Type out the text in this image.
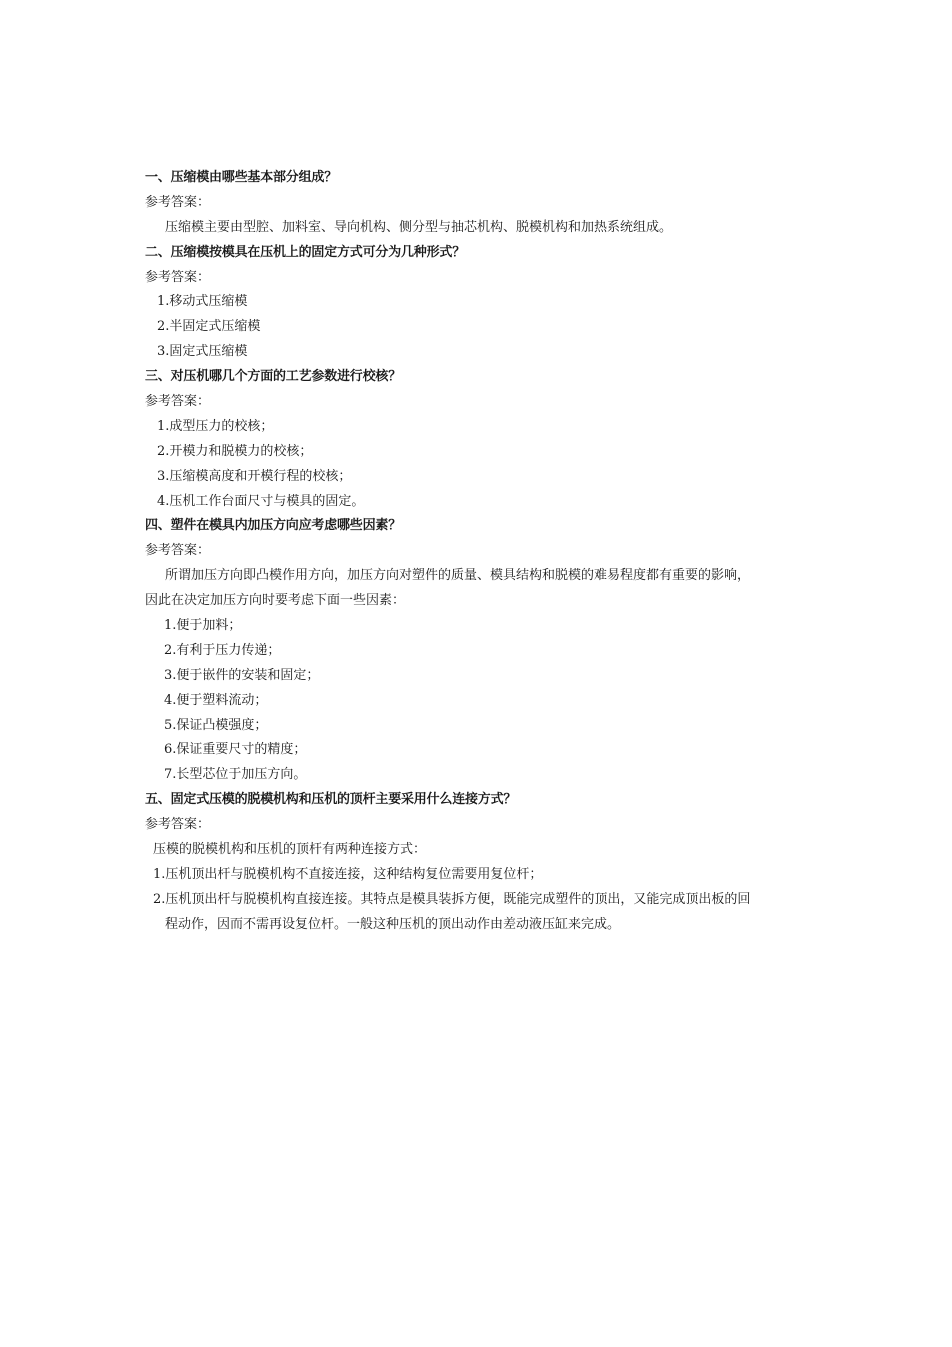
一、压缩模由哪些基本部分组成？
参考答案：
压缩模主要由型腔、加料室、导向机构、侧分型与抽芯机构、脱模机构和加热系统组成。
二、压缩模按模具在压机上的固定方式可分为几种形式？
参考答案：
1.移动式压缩模
2.半固定式压缩模
3.固定式压缩模
三、对压机哪几个方面的工艺参数进行校核？
参考答案：
1.成型压力的校核；
2.开模力和脱模力的校核；
3.压缩模高度和开模行程的校核；
4.压机工作台面尺寸与模具的固定。
四、塑件在模具内加压方向应考虑哪些因素？
参考答案：
所谓加压方向即凸模作用方向，加压方向对塑件的质量、模具结构和脱模的难易程度都有重要的影响，
因此在决定加压方向时要考虑下面一些因素：
1.便于加料；
2.有利于压力传递；
3.便于嵌件的安装和固定；
4.便于塑料流动；
5.保证凸模强度；
6.保证重要尺寸的精度；
7.长型芯位于加压方向。
五、固定式压模的脱模机构和压机的顶杆主要采用什么连接方式？
参考答案：
压模的脱模机构和压机的顶杆有两种连接方式：
1.压机顶出杆与脱模机构不直接连接，这种结构复位需要用复位杆；
2.压机顶出杆与脱模机构直接连接。其特点是模具装拆方便，既能完成塑件的顶出，又能完成顶出板的回
程动作，因而不需再设复位杆。一般这种压机的顶出动作由差动液压缸来完成。
